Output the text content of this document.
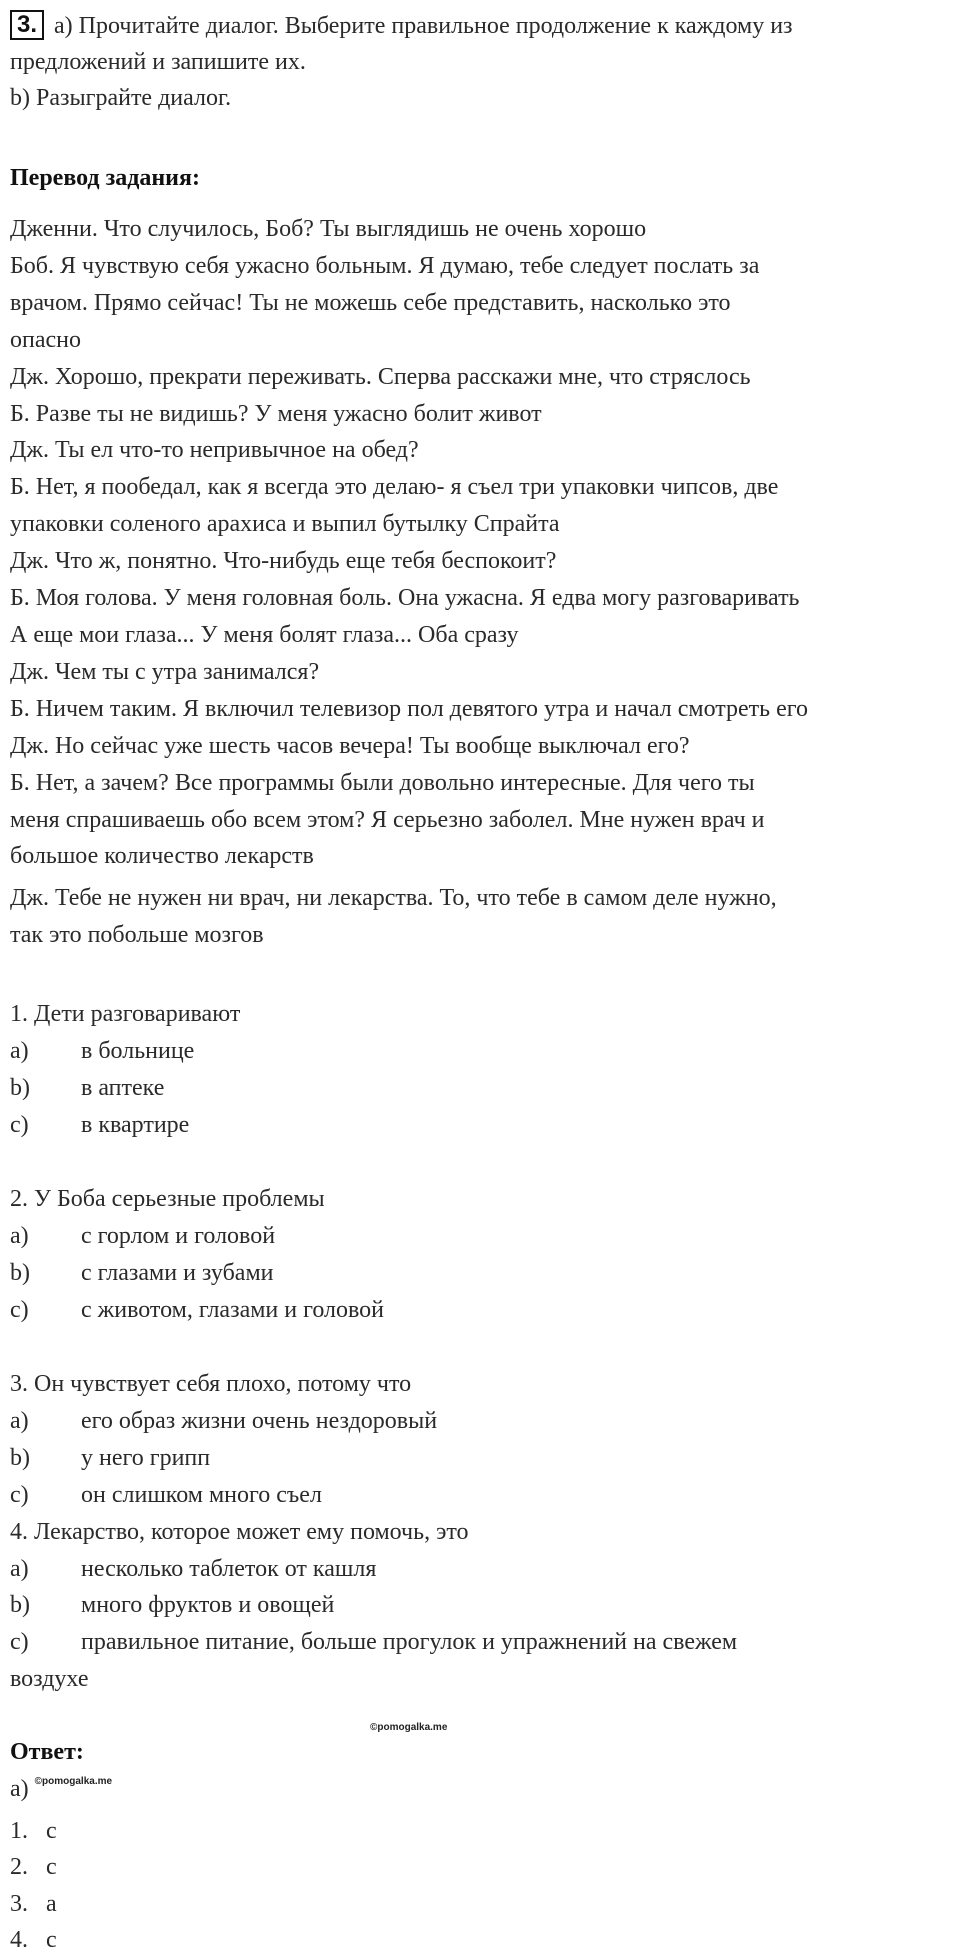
3. a) Прочитайте диалог. Выберите правильное продолжение к каждому из
предложений и запишите их.
b) Разыграйте диалог.
Перевод задания:
Дженни. Что случилось, Боб? Ты выглядишь не очень хорошо
Боб. Я чувствую себя ужасно больным. Я думаю, тебе следует послать за
врачом. Прямо сейчас! Ты не можешь себе представить, насколько это
опасно
Дж. Хорошо, прекрати переживать. Сперва расскажи мне, что стряслось
Б. Разве ты не видишь? У меня ужасно болит живот
Дж. Ты ел что-то непривычное на обед?
Б. Нет, я пообедал, как я всегда это делаю- я съел три упаковки чипсов, две
упаковки соленого арахиса и выпил бутылку Спрайта
Дж. Что ж, понятно. Что-нибудь еще тебя беспокоит?
Б. Моя голова. У меня головная боль. Она ужасна. Я едва могу разговаривать
А еще мои глаза... У меня болят глаза... Оба сразу
Дж. Чем ты с утра занимался?
Б. Ничем таким. Я включил телевизор пол девятого утра и начал смотреть его
Дж. Но сейчас уже шесть часов вечера! Ты вообще выключал его?
Б. Нет, а зачем? Все программы были довольно интересные. Для чего ты
меня спрашиваешь обо всем этом? Я серьезно заболел. Мне нужен врач и
большое количество лекарств
Дж. Тебе не нужен ни врач, ни лекарства. То, что тебе в самом деле нужно,
так это побольше мозгов
1. Дети разговаривают
a) в больнице
b) в аптеке
c) в квартире
2. У Боба серьезные проблемы
a) с горлом и головой
b) с глазами и зубами
c) с животом, глазами и головой
3. Он чувствует себя плохо, потому что
a) его образ жизни очень нездоровый
b) у него грипп
c) он слишком много съел
4. Лекарство, которое может ему помочь, это
a) несколько таблеток от кашля
b) много фруктов и овощей
c) правильное питание, больше прогулок и упражнений на свежем
воздухе
©pomogalka.me
Ответ:
a) $^{©pomogalka.me}$
1. c
2. c
3. a
4. c
